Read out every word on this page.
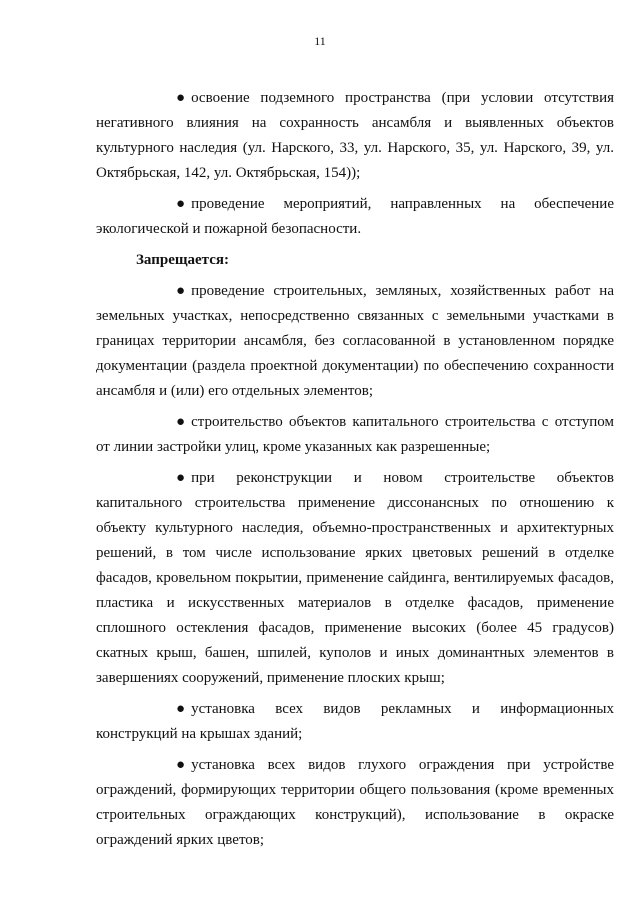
11

● освоение подземного пространства (при условии отсутствия негативного влияния на сохранность ансамбля и выявленных объектов культурного наследия (ул. Нарского, 33, ул. Нарского, 35, ул. Нарского, 39, ул. Октябрьская, 142, ул. Октябрьская, 154));

● проведение мероприятий, направленных на обеспечение экологической и пожарной безопасности.

Запрещается:

● проведение строительных, земляных, хозяйственных работ на земельных участках, непосредственно связанных с земельными участками в границах территории ансамбля, без согласованной в установленном порядке документации (раздела проектной документации) по обеспечению сохранности ансамбля и (или) его отдельных элементов;

● строительство объектов капитального строительства с отступом от линии застройки улиц, кроме указанных как разрешенные;

● при реконструкции и новом строительстве объектов капитального строительства применение диссонансных по отношению к объекту культурного наследия, объемно-пространственных и архитектурных решений, в том числе использование ярких цветовых решений в отделке фасадов, кровельном покрытии, применение сайдинга, вентилируемых фасадов, пластика и искусственных материалов в отделке фасадов, применение сплошного остекления фасадов, применение высоких (более 45 градусов) скатных крыш, башен, шпилей, куполов и иных доминантных элементов в завершениях сооружений, применение плоских крыш;

● установка всех видов рекламных и информационных конструкций на крышах зданий;

● установка всех видов глухого ограждения при устройстве ограждений, формирующих территории общего пользования (кроме временных строительных ограждающих конструкций), использование в окраске ограждений ярких цветов;
